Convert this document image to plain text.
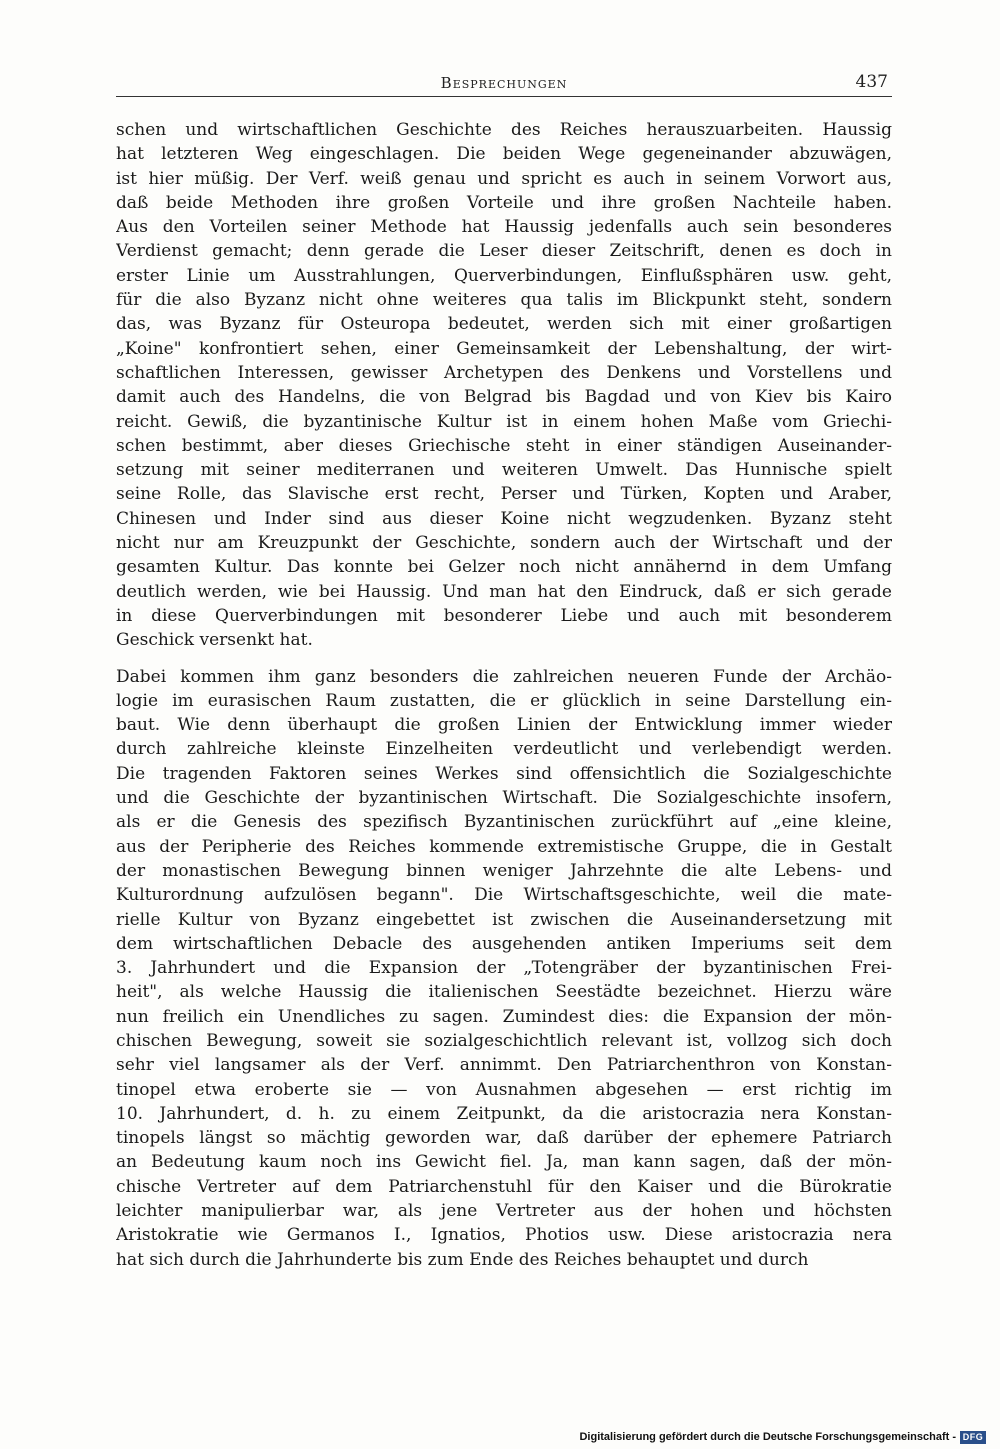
Besprechungen	437
schen und wirtschaftlichen Geschichte des Reiches herauszuarbeiten. Haussig
hat letzteren Weg eingeschlagen. Die beiden Wege gegeneinander abzuwägen,
ist hier müßig. Der Verf. weiß genau und spricht es auch in seinem Vorwort aus,
daß beide Methoden ihre großen Vorteile und ihre großen Nachteile haben.
Aus den Vorteilen seiner Methode hat Haussig jedenfalls auch sein besonderes
Verdienst gemacht; denn gerade die Leser dieser Zeitschrift, denen es doch in
erster Linie um Ausstrahlungen, Querverbindungen, Einflußsphären usw. geht,
für die also Byzanz nicht ohne weiteres qua talis im Blickpunkt steht, sondern
das, was Byzanz für Osteuropa bedeutet, werden sich mit einer großartigen
„Koine" konfrontiert sehen, einer Gemeinsamkeit der Lebenshaltung, der wirt-
schaftlichen Interessen, gewisser Archetypen des Denkens und Vorstellens und
damit auch des Handelns, die von Belgrad bis Bagdad und von Kiev bis Kairo
reicht. Gewiß, die byzantinische Kultur ist in einem hohen Maße vom Griechi-
schen bestimmt, aber dieses Griechische steht in einer ständigen Auseinander-
setzung mit seiner mediterranen und weiteren Umwelt. Das Hunnische spielt
seine Rolle, das Slavische erst recht, Perser und Türken, Kopten und Araber,
Chinesen und Inder sind aus dieser Koine nicht wegzudenken. Byzanz steht
nicht nur am Kreuzpunkt der Geschichte, sondern auch der Wirtschaft und der
gesamten Kultur. Das konnte bei Gelzer noch nicht annähernd in dem Umfang
deutlich werden, wie bei Haussig. Und man hat den Eindruck, daß er sich gerade
in diese Querverbindungen mit besonderer Liebe und auch mit besonderem
Geschick versenkt hat.
Dabei kommen ihm ganz besonders die zahlreichen neueren Funde der Archäo-
logie im eurasischen Raum zustatten, die er glücklich in seine Darstellung ein-
baut. Wie denn überhaupt die großen Linien der Entwicklung immer wieder
durch zahlreiche kleinste Einzelheiten verdeutlicht und verlebendigt werden.
Die tragenden Faktoren seines Werkes sind offensichtlich die Sozialgeschichte
und die Geschichte der byzantinischen Wirtschaft. Die Sozialgeschichte insofern,
als er die Genesis des spezifisch Byzantinischen zurückführt auf „eine kleine,
aus der Peripherie des Reiches kommende extremistische Gruppe, die in Gestalt
der monastischen Bewegung binnen weniger Jahrzehnte die alte Lebens- und
Kulturordnung aufzulösen begann". Die Wirtschaftsgeschichte, weil die mate-
rielle Kultur von Byzanz eingebettet ist zwischen die Auseinandersetzung mit
dem wirtschaftlichen Debacle des ausgehenden antiken Imperiums seit dem
3. Jahrhundert und die Expansion der „Totengräber der byzantinischen Frei-
heit", als welche Haussig die italienischen Seestädte bezeichnet. Hierzu wäre
nun freilich ein Unendliches zu sagen. Zumindest dies: die Expansion der mön-
chischen Bewegung, soweit sie sozialgeschichtlich relevant ist, vollzog sich doch
sehr viel langsamer als der Verf. annimmt. Den Patriarchenthron von Konstan-
tinopel etwa eroberte sie — von Ausnahmen abgesehen — erst richtig im
10. Jahrhundert, d. h. zu einem Zeitpunkt, da die aristocrazia nera Konstan-
tinopels längst so mächtig geworden war, daß darüber der ephemere Patriarch
an Bedeutung kaum noch ins Gewicht fiel. Ja, man kann sagen, daß der mön-
chische Vertreter auf dem Patriarchenstuhl für den Kaiser und die Bürokratie
leichter manipulierbar war, als jene Vertreter aus der hohen und höchsten
Aristokratie wie Germanos I., Ignatios, Photios usw. Diese aristocrazia nera
hat sich durch die Jahrhunderte bis zum Ende des Reiches behauptet und durch
Digitalisierung gefördert durch die Deutsche Forschungsgemeinschaft - DFG
